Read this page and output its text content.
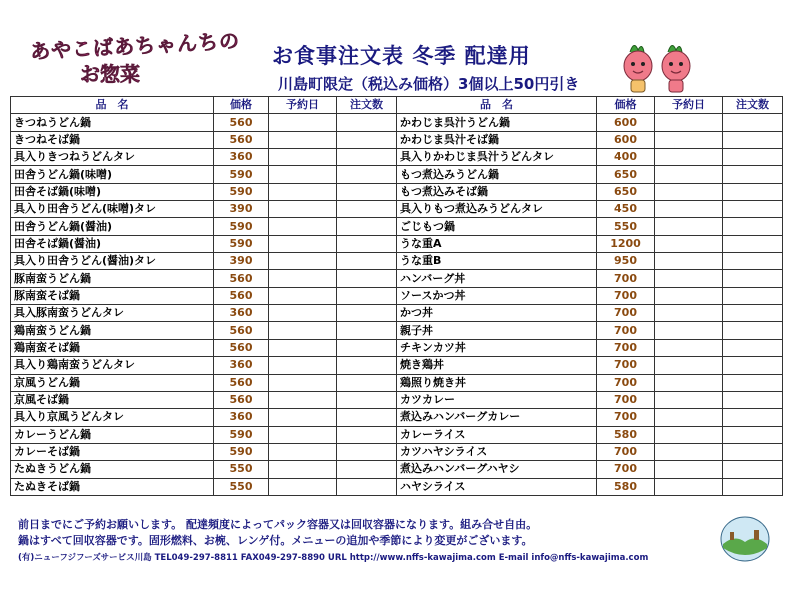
あやこばあちゃんちの
お惣菜
お食事注文表 冬季 配達用
川島町限定（税込み価格）3個以上50円引き
品　名	価格	予約日	注文数	品　名	価格	予約日	注文数
きつねうどん鍋	560			かわじま呉汁うどん鍋	600		
きつねそば鍋	560			かわじま呉汁そば鍋	600		
具入りきつねうどんタレ	360			具入りかわじま呉汁うどんタレ	400		
田舎うどん鍋(味噌)	590			もつ煮込みうどん鍋	650		
田舎そば鍋(味噌)	590			もつ煮込みそば鍋	650		
具入り田舎うどん(味噌)タレ	390			具入りもつ煮込みうどんタレ	450		
田舎うどん鍋(醤油)	590			ごじもつ鍋	550		
田舎そば鍋(醤油)	590			うな重A	1200		
具入り田舎うどん(醤油)タレ	390			うな重B	950		
豚南蛮うどん鍋	560			ハンバーグ丼	700		
豚南蛮そば鍋	560			ソースかつ丼	700		
具入豚南蛮うどんタレ	360			かつ丼	700		
鶏南蛮うどん鍋	560			親子丼	700		
鶏南蛮そば鍋	560			チキンカツ丼	700		
具入り鶏南蛮うどんタレ	360			焼き鶏丼	700		
京風うどん鍋	560			鶏照り焼き丼	700		
京風そば鍋	560			カツカレー	700		
具入り京風うどんタレ	360			煮込みハンバーグカレー	700		
カレーうどん鍋	590			カレーライス	580		
カレーそば鍋	590			カツハヤシライス	700		
たぬきうどん鍋	550			煮込みハンバーグハヤシ	700		
たぬきそば鍋	550			ハヤシライス	580		
前日までにご予約お願いします。 配達頻度によってパック容器又は回収容器になります。組み合せ自由。
鍋はすべて回収容器です。固形燃料、お椀、レンゲ付。メニューの追加や季節により変更がございます。
(有)ニューフジフーズサービス川島 TEL049-297-8811 FAX049-297-8890 URL http://www.nffs-kawajima.com E-mail info@nffs-kawajima.com
